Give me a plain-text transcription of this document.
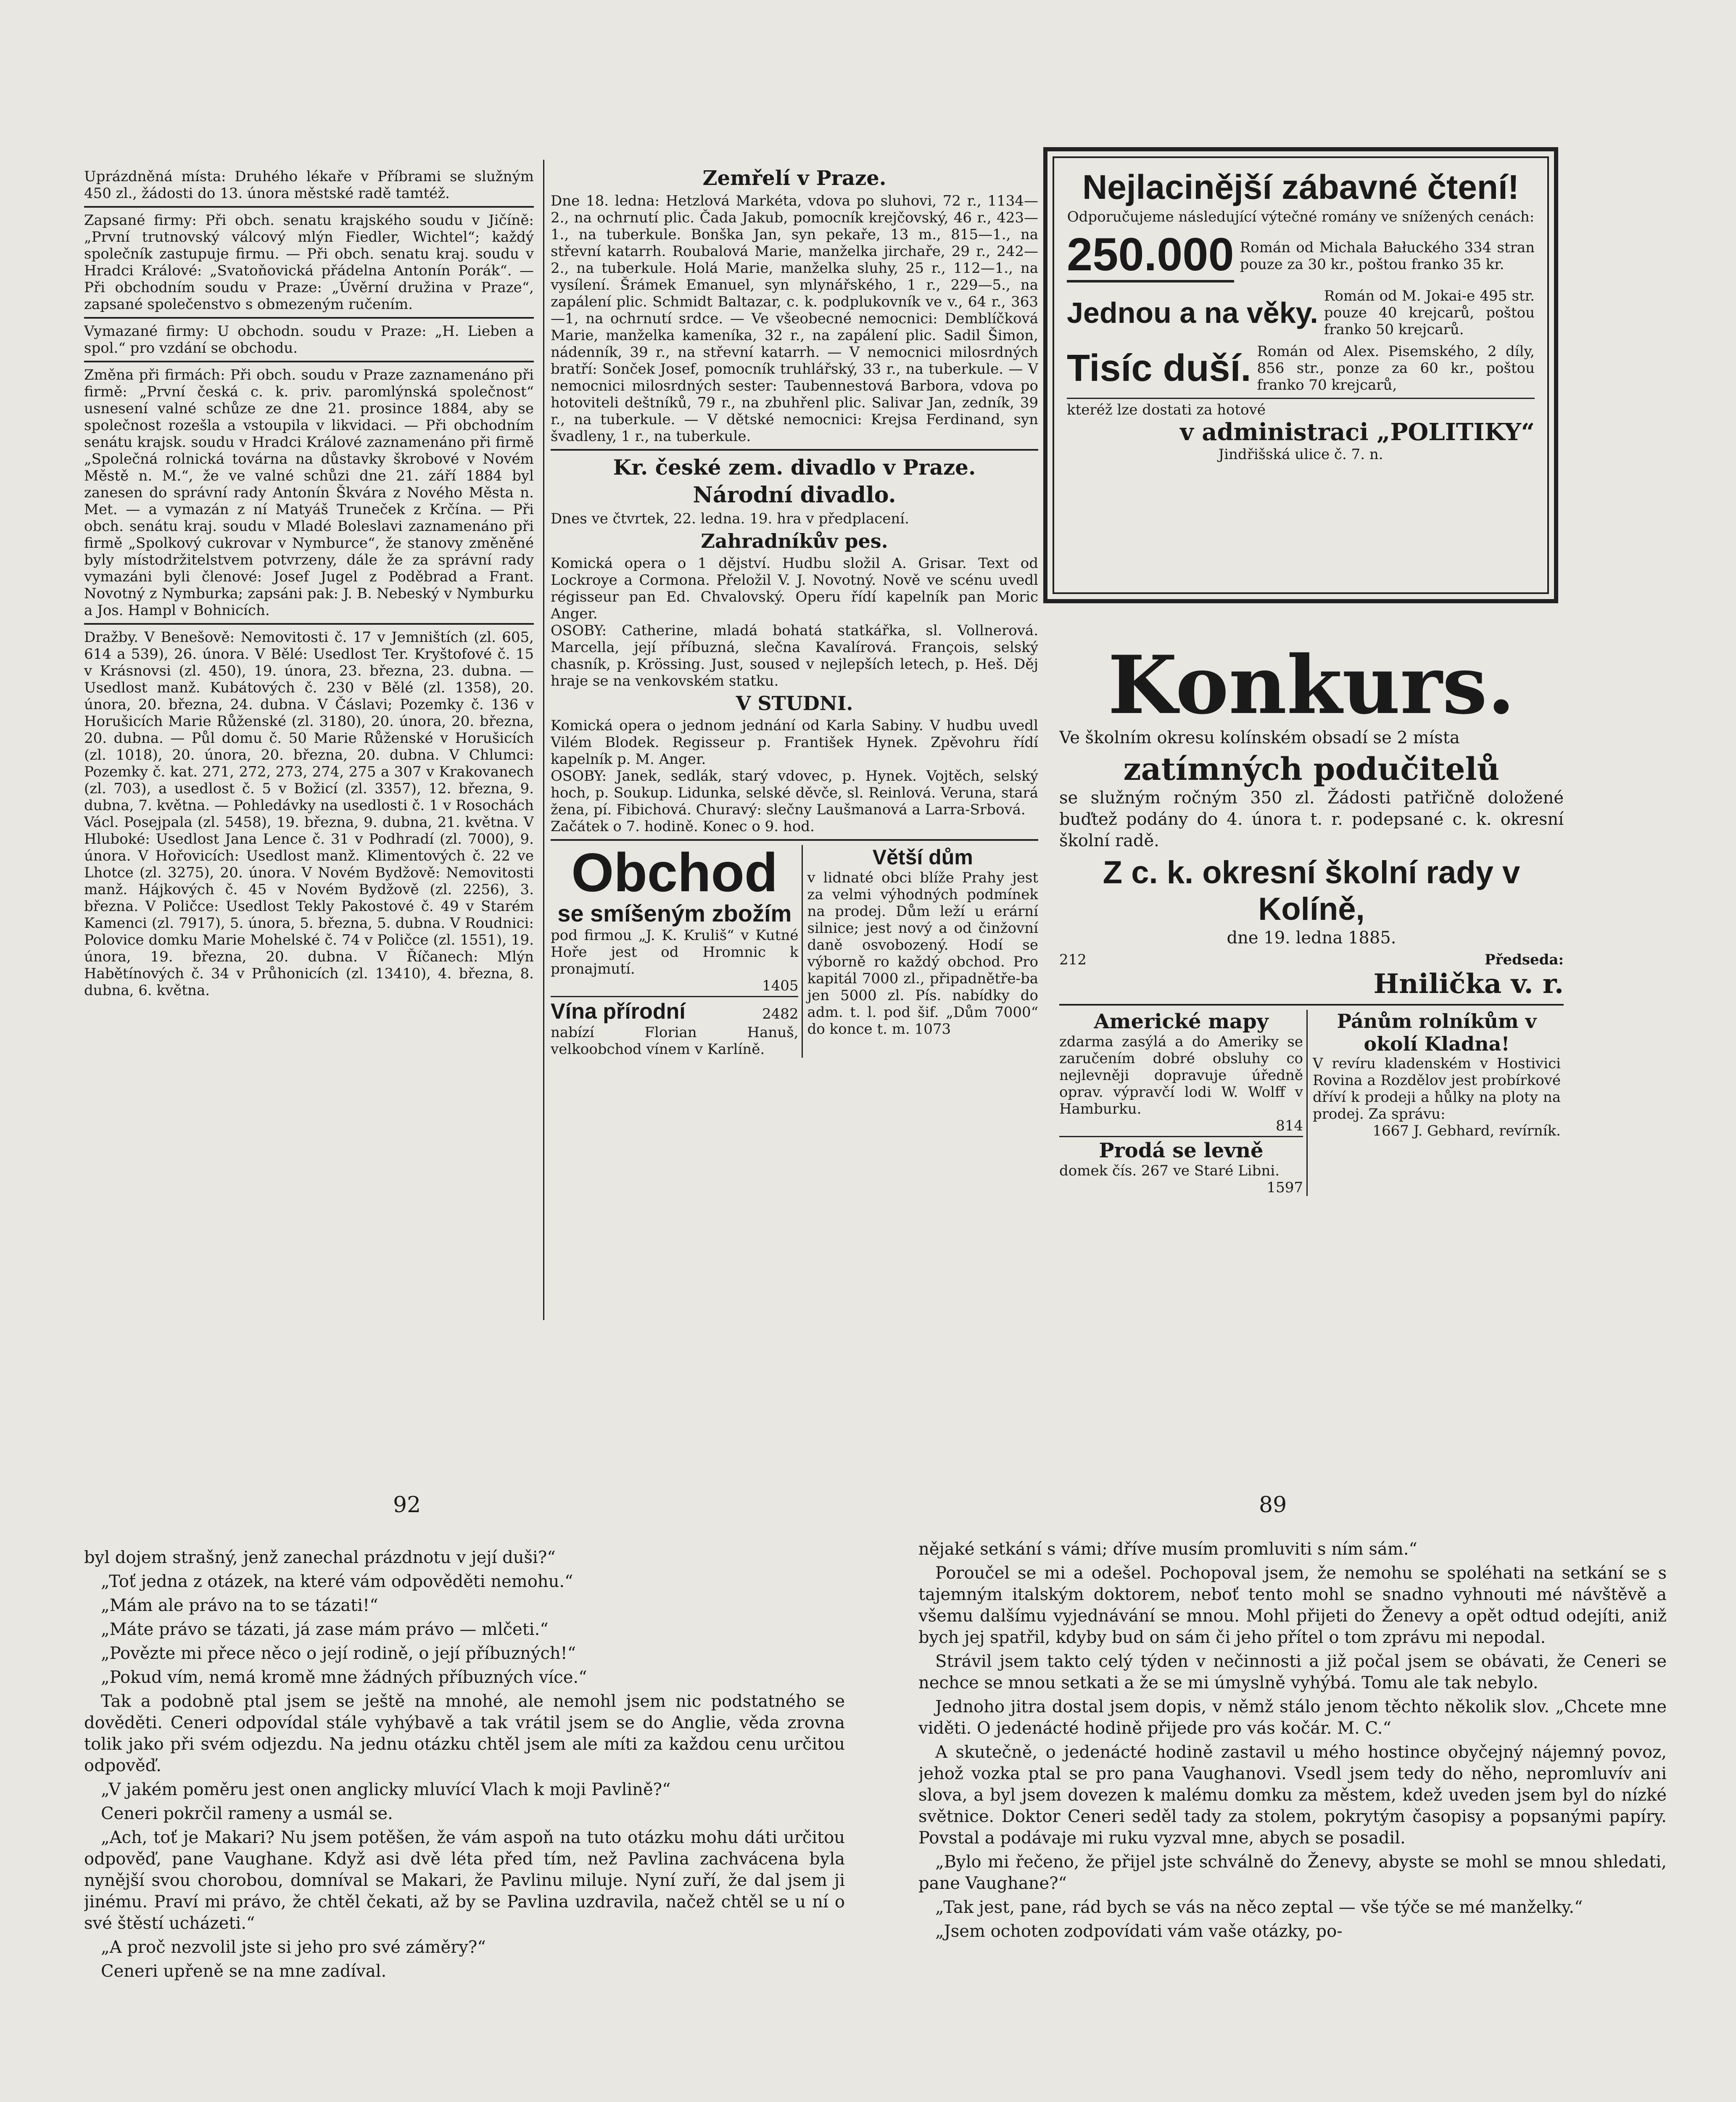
Uprázdněná místa: Druhého lékaře v Příbrami se služným 450 zl., žádosti do 13. února městské radě tamtéž.

Zapsané firmy: Při obch. senatu krajského soudu v Jičíně: „První trutnovský válcový mlýn Fiedler, Wichtel“; každý společník zastupuje firmu. — Při obch. senatu kraj. soudu v Hradci Králové: „Svatoňovická přádelna Antonín Porák“. — Při obchodním soudu v Praze: „Úvěrní družina v Praze“, zapsané společenstvo s obmezeným ručením.

Vymazané firmy: U obchodn. soudu v Praze: „H. Lieben a spol.“ pro vzdání se obchodu.

Změna při firmách: Při obch. soudu v Praze zaznamenáno při firmě: „První česká c. k. priv. paromlýnská společnost“ usnesení valné schůze ze dne 21. prosince 1884, aby se společnost rozešla a vstoupila v likvidaci. — Při obchodním senátu krajsk. soudu v Hradci Králové zaznamenáno při firmě „Společná rolnická továrna na důstavky škrobové v Novém Městě n. M.“, že ve valné schůzi dne 21. září 1884 byl zanesen do správní rady Antonín Škvára z Nového Města n. Met. — a vymazán z ní Matyáš Truneček z Krčína. — Při obch. senátu kraj. soudu v Mladé Boleslavi zaznamenáno při firmě „Spolkový cukrovar v Nymburce“, že stanovy změněné byly místodržitelstvem potvrzeny, dále že za správní rady vymazáni byli členové: Josef Jugel z Poděbrad a Frant. Novotný z Nymburka; zapsáni pak: J. B. Nebeský v Nymburku a Jos. Hampl v Bohnicích.

Dražby. V Benešově: Nemovitosti č. 17 v Jemništích (zl. 605, 614 a 539), 26. února. V Bělé: Usedlost Ter. Kryštofové č. 15 v Krásnovsi (zl. 450), 19. února, 23. března, 23. dubna. — Usedlost manž. Kubátových č. 230 v Bělé (zl. 1358), 20. února, 20. března, 24. dubna. V Čáslavi; Pozemky č. 136 v Horušicích Marie Růženské (zl. 3180), 20. února, 20. března, 20. dubna. — Půl domu č. 50 Marie Růženské v Horušicích (zl. 1018), 20. února, 20. března, 20. dubna. V Chlumci: Pozemky č. kat. 271, 272, 273, 274, 275 a 307 v Krakovanech (zl. 703), a usedlost č. 5 v Božicí (zl. 3357), 12. března, 9. dubna, 7. května. — Pohledávky na usedlosti č. 1 v Rosochách Václ. Posejpala (zl. 5458), 19. března, 9. dubna, 21. května. V Hluboké: Usedlost Jana Lence č. 31 v Podhradí (zl. 7000), 9. února. V Hořovicích: Usedlost manž. Klimentových č. 22 ve Lhotce (zl. 3275), 20. února. V Novém Bydžově: Nemovitosti manž. Hájkových č. 45 v Novém Bydžově (zl. 2256), 3. března. V Poličce: Usedlost Tekly Pakostové č. 49 v Starém Kamenci (zl. 7917), 5. února, 5. března, 5. dubna. V Roudnici: Polovice domku Marie Mohelské č. 74 v Poličce (zl. 1551), 19. února, 19. března, 20. dubna. V Říčanech: Mlýn Habětínových č. 34 v Průhonicích (zl. 13410), 4. března, 8. dubna, 6. května.

Zemřelí v Praze.

Dne 18. ledna: Hetzlová Markéta, vdova po sluhovi, 72 r., 1134—2., na ochrnutí plic. Čada Jakub, pomocník krejčovský, 46 r., 423—1., na tuberkule. Bonška Jan, syn pekaře, 13 m., 815—1., na střevní katarrh. Roubalová Marie, manželka jirchaře, 29 r., 242—2., na tuberkule. Holá Marie, manželka sluhy, 25 r., 112—1., na vysílení. Šrámek Emanuel, syn mlynářského, 1 r., 229—5., na zapálení plic. Schmidt Baltazar, c. k. podplukovník ve v., 64 r., 363—1, na ochrnutí srdce. — Ve všeobecné nemocnici: Demblíčková Marie, manželka kameníka, 32 r., na zapálení plic. Sadil Šimon, nádenník, 39 r., na střevní katarrh. — V nemocnici milosrdných bratří: Sonček Josef, pomocník truhlářský, 33 r., na tuberkule. — V nemocnici milosrdných sester: Taubennestová Barbora, vdova po hotoviteli deštníků, 79 r., na zbuhřenl plic. Salivar Jan, zedník, 39 r., na tuberkule. — V dětské nemocnici: Krejsa Ferdinand, syn švadleny, 1 r., na tuberkule.

Kr. české zem. divadlo v Praze.
Národní divadlo.

Dnes ve čtvrtek, 22. ledna. 19. hra v předplacení.

Zahradníkův pes.

Komická opera o 1 dějství. Hudbu složil A. Grisar. Text od Lockroye a Cormona. Přeložil V. J. Novotný. Nově ve scénu uvedl régisseur pan Ed. Chvalovský. Operu řídí kapelník pan Moric Anger.

OSOBY: Catherine, mladá bohatá statkářka, sl. Vollnerová. Marcella, její příbuzná, slečna Kavalírová. François, selský chasník, p. Krössing. Just, soused v nejlepších letech, p. Heš. Děj hraje se na venkovském statku.

V STUDNI.

Komická opera o jednom jednání od Karla Sabiny. V hudbu uvedl Vilém Blodek. Regisseur p. František Hynek. Zpěvohru řídí kapelník p. M. Anger.

OSOBY: Janek, sedlák, starý vdovec, p. Hynek. Vojtěch, selský hoch, p. Soukup. Lidunka, selské děvče, sl. Reinlová. Veruna, stará žena, pí. Fibichová. Churavý: slečny Laušmanová a Larra-Srbová.

Začátek o 7. hodině. Konec o 9. hod.

Obchod
se smíšeným zbožím

pod firmou „J. K. Kruliš“ v Kutné Hoře jest od Hromnic k pronajmutí.

1405
Vína přírodní	2482

nabízí Florian Hanuš, velkoobchod vínem v Karlíně.

Větší dům

v lidnaté obci blíže Prahy jest za velmi výhodných podmínek na prodej. Dům leží u erární silnice; jest nový a od činžovní daně osvobozený. Hodí se výborně ro každý obchod. Pro kapitál 7000 zl., připadnětře-ba jen 5000 zl. Pís. nabídky do adm. t. l. pod šif. „Dům 7000“ do konce t. m. 1073

Nejlacinější zábavné čtení!

Odporučujeme následující výtečné romány ve snížených cenách:

250.000 Román od Michala Bałuckého 334 stran pouze za 30 kr., poštou franko 35 kr.
Jednou a na věky.
Román od M. Jokai-e 495 str. pouze 40 krejcarů, poštou franko 50 krejcarů.
Tisíc duší. Román od Alex. Pisemského, 2 díly, 856 str., ponze za 60 kr., poštou franko 70 krejcarů,

kteréž lze dostati za hotové

v administraci „POLITIKY“

Jindřišská ulice č. 7. n.

Konkurs.

Ve školním okresu kolínském obsadí se 2 místa

zatímných podučitelů

se služným ročným 350 zl. Žádosti patřičně doložené buďtež podány do 4. února t. r. podepsané c. k. okresní školní radě.

Z c. k. okresní školní rady v Kolíně,
dne 19. ledna 1885.
212	Předseda:
Hnilička v. r.
Americké mapy

zdarma zasýlá a do Ameriky se zaručením dobré obsluhy co nejlevněji dopravuje úředně oprav. výpravčí lodi W. Wolff v Hamburku.

814
Prodá se levně

domek čís. 267 ve Staré Libni.

1597
Pánům rolníkům v okolí Kladna!

V revíru kladenském v Hostivici Rovina a Rozdělov jest probírkové dříví k prodeji a hůlky na ploty na prodej. Za správu:

1667 J. Gebhard, revírník.

92	89

byl dojem strašný, jenž zanechal prázdnotu v její duši?“

„Toť jedna z otázek, na které vám odpověděti nemohu.“

„Mám ale právo na to se tázati!“

„Máte právo se tázati, já zase mám právo — mlčeti.“

„Povězte mi přece něco o její rodině, o její příbuzných!“

„Pokud vím, nemá kromě mne žádných příbuzných více.“

Tak a podobně ptal jsem se ještě na mnohé, ale nemohl jsem nic podstatného se dověděti. Ceneri odpovídal stále vyhýbavě a tak vrátil jsem se do Anglie, věda zrovna tolik jako při svém odjezdu. Na jednu otázku chtěl jsem ale míti za každou cenu určitou odpověď.

„V jakém poměru jest onen anglicky mluvící Vlach k moji Pavlině?“

Ceneri pokrčil rameny a usmál se.

„Ach, toť je Makari? Nu jsem potěšen, že vám aspoň na tuto otázku mohu dáti určitou odpověď, pane Vaughane. Když asi dvě léta před tím, než Pavlina zachvácena byla nynější svou chorobou, domníval se Makari, že Pavlinu miluje. Nyní zuří, že dal jsem ji jinému. Praví mi právo, že chtěl čekati, až by se Pavlina uzdravila, načež chtěl se u ní o své štěstí ucházeti.“

„A proč nezvolil jste si jeho pro své záměry?“

Ceneri upřeně se na mne zadíval.

nějaké setkání s vámi; dříve musím promluviti s ním sám.“

Poroučel se mi a odešel. Pochopoval jsem, že nemohu se spoléhati na setkání se s tajemným italským doktorem, neboť tento mohl se snadno vyhnouti mé návštěvě a všemu dalšímu vyjednávání se mnou. Mohl přijeti do Ženevy a opět odtud odejíti, aniž bych jej spatřil, kdyby bud on sám či jeho přítel o tom zprávu mi nepodal.

Strávil jsem takto celý týden v nečinnosti a již počal jsem se obávati, že Ceneri se nechce se mnou setkati a že se mi úmyslně vyhýbá. Tomu ale tak nebylo.

Jednoho jitra dostal jsem dopis, v němž stálo jenom těchto několik slov. „Chcete mne viděti. O jedenácté hodině přijede pro vás kočár. M. C.“

A skutečně, o jedenácté hodině zastavil u mého hostince obyčejný nájemný povoz, jehož vozka ptal se pro pana Vaughanovi. Vsedl jsem tedy do něho, nepromluvív ani slova, a byl jsem dovezen k malému domku za městem, kdež uveden jsem byl do nízké světnice. Doktor Ceneri seděl tady za stolem, pokrytým časopisy a popsanými papíry. Povstal a podávaje mi ruku vyzval mne, abych se posadil.

„Bylo mi řečeno, že přijel jste schválně do Ženevy, abyste se mohl se mnou shledati, pane Vaughane?“

„Tak jest, pane, rád bych se vás na něco zeptal — vše týče se mé manželky.“

„Jsem ochoten zodpovídati vám vaše otázky, po-
